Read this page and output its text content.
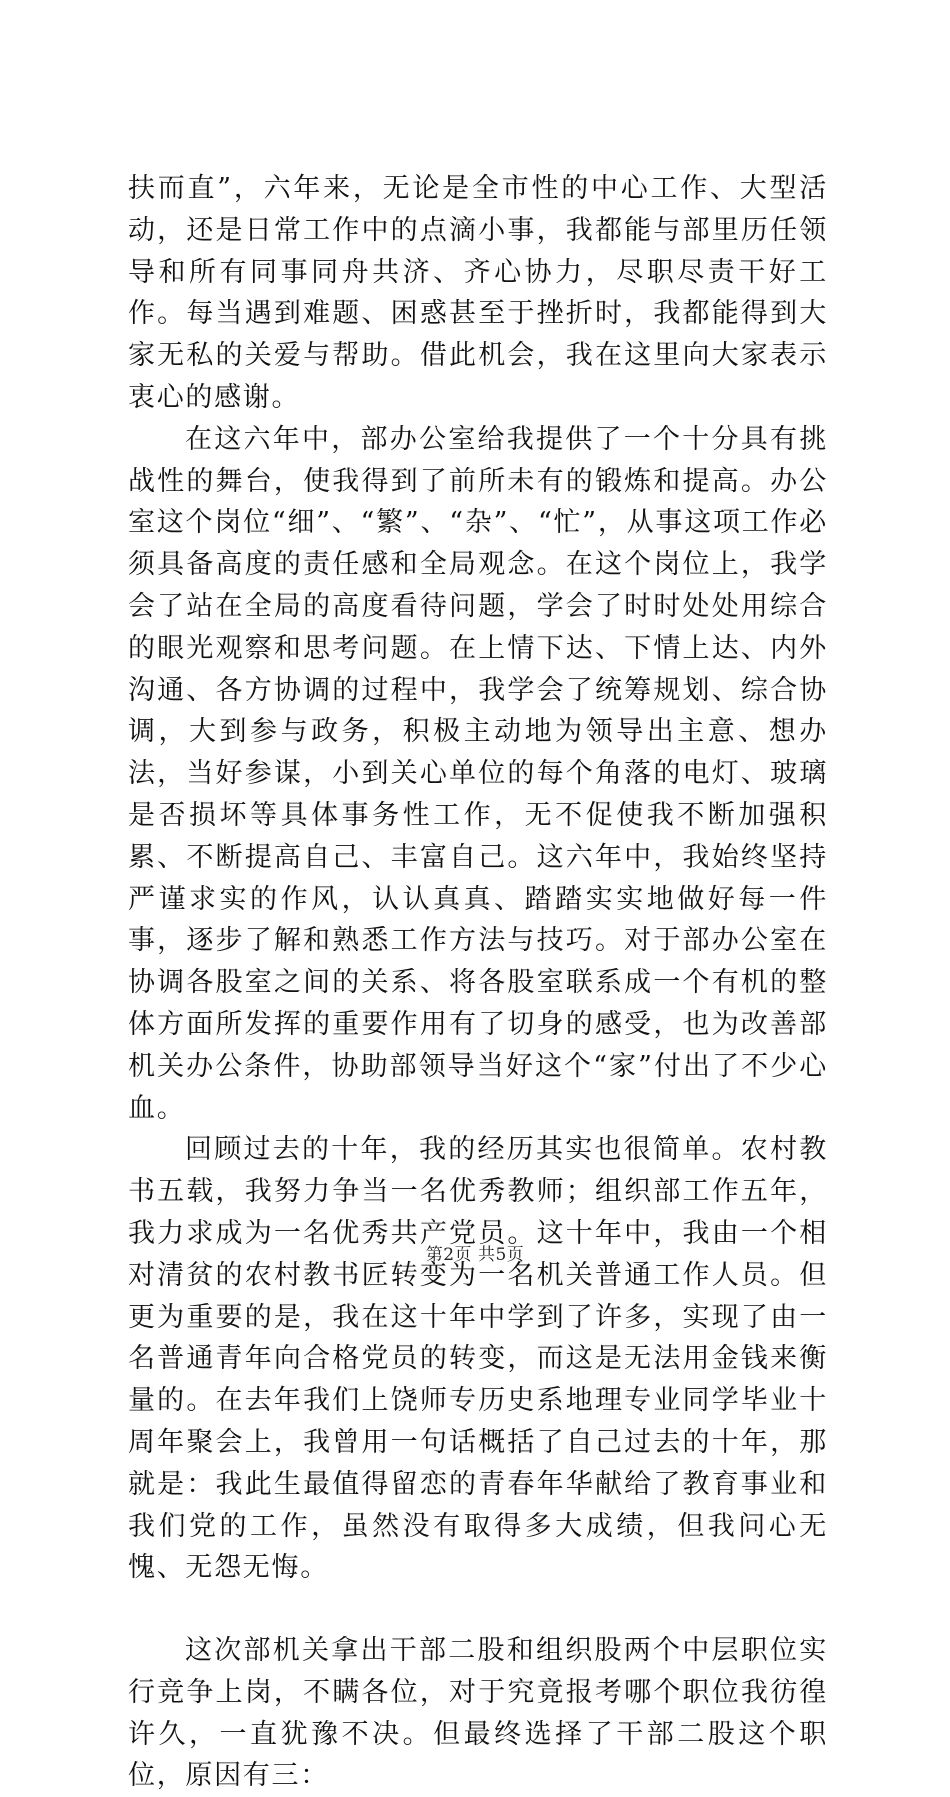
扶而直”，六年来，无论是全市性的中心工作、大型活动，还是日常工作中的点滴小事，我都能与部里历任领导和所有同事同舟共济、齐心协力，尽职尽责干好工作。每当遇到难题、困惑甚至于挫折时，我都能得到大家无私的关爱与帮助。借此机会，我在这里向大家表示衷心的感谢。

在这六年中，部办公室给我提供了一个十分具有挑战性的舞台，使我得到了前所未有的锻炼和提高。办公室这个岗位“细”、“繁”、“杂”、“忙”，从事这项工作必须具备高度的责任感和全局观念。在这个岗位上，我学会了站在全局的高度看待问题，学会了时时处处用综合的眼光观察和思考问题。在上情下达、下情上达、内外沟通、各方协调的过程中，我学会了统筹规划、综合协调，大到参与政务，积极主动地为领导出主意、想办法，当好参谋，小到关心单位的每个角落的电灯、玻璃是否损坏等具体事务性工作，无不促使我不断加强积累、不断提高自己、丰富自己。这六年中，我始终坚持严谨求实的作风，认认真真、踏踏实实地做好每一件事，逐步了解和熟悉工作方法与技巧。对于部办公室在协调各股室之间的关系、将各股室联系成一个有机的整体方面所发挥的重要作用有了切身的感受，也为改善部机关办公条件，协助部领导当好这个“家”付出了不少心血。

回顾过去的十年，我的经历其实也很简单。农村教书五载，我努力争当一名优秀教师；组织部工作五年，我力求成为一名优秀共产党员。这十年中，我由一个相对清贫的农村教书匠转变为一名机关普通工作人员。但更为重要的是，我在这十年中学到了许多，实现了由一名普通青年向合格党员的转变，而这是无法用金钱来衡量的。在去年我们上饶师专历史系地理专业同学毕业十周年聚会上，我曾用一句话概括了自己过去的十年，那就是：我此生最值得留恋的青春年华献给了教育事业和我们党的工作，虽然没有取得多大成绩，但我问心无愧、无怨无悔。

这次部机关拿出干部二股和组织股两个中层职位实行竞争上岗，不瞒各位，对于究竟报考哪个职位我彷徨许久，一直犹豫不决。但最终选择了干部二股这个职位，原因有三：

第2页 共5页
